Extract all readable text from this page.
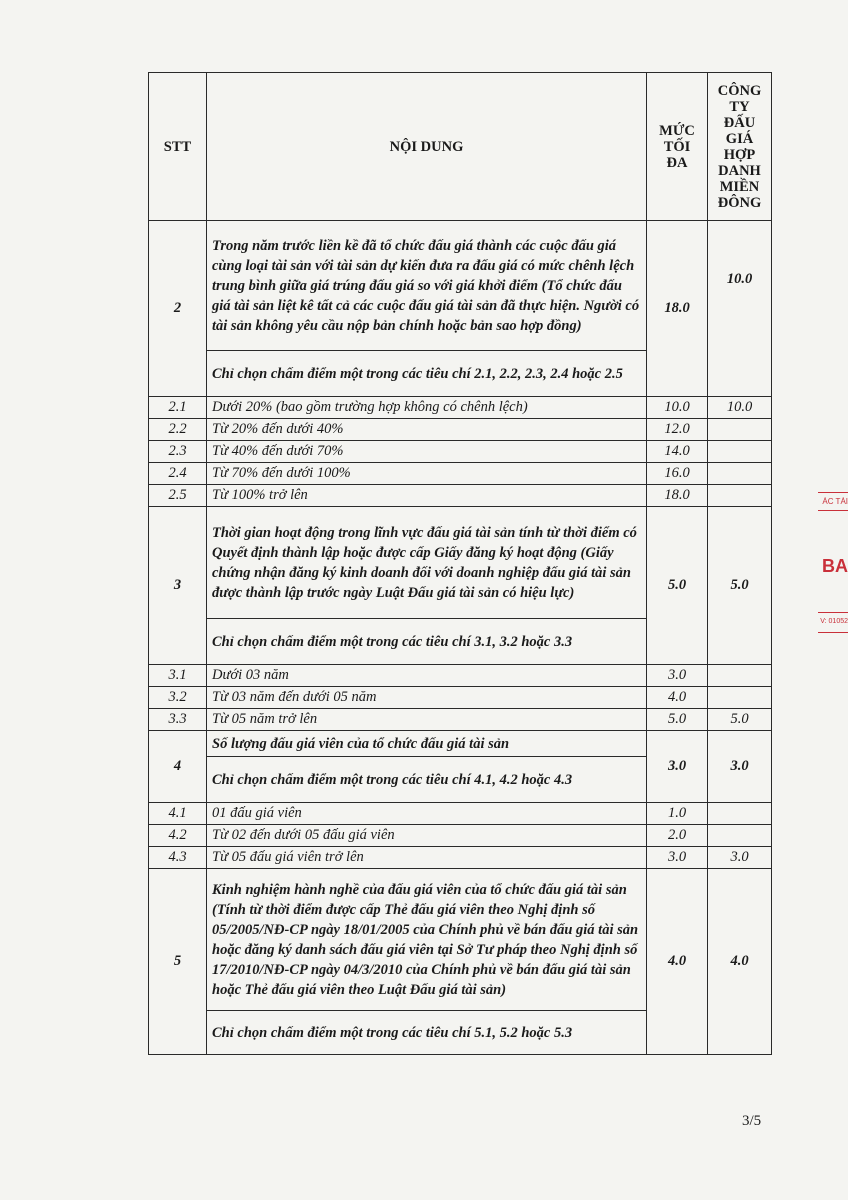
STT	NỘI DUNG	MỨC TỐI ĐA	CÔNG TY ĐẤU GIÁ HỢP DANH MIỀN ĐÔNG
2	Trong năm trước liền kề đã tổ chức đấu giá thành các cuộc đấu giá cùng loại tài sản với tài sản dự kiến đưa ra đấu giá có mức chênh lệch trung bình giữa giá trúng đấu giá so với giá khởi điểm (Tổ chức đấu giá tài sản liệt kê tất cả các cuộc đấu giá tài sản đã thực hiện. Người có tài sản không yêu cầu nộp bản chính hoặc bản sao hợp đồng)	18.0	10.0
	Chỉ chọn chấm điểm một trong các tiêu chí 2.1, 2.2, 2.3, 2.4 hoặc 2.5		
2.1	Dưới 20% (bao gồm trường hợp không có chênh lệch)	10.0	10.0
2.2	Từ 20% đến dưới 40%	12.0	
2.3	Từ 40% đến dưới 70%	14.0	
2.4	Từ 70% đến dưới 100%	16.0	
2.5	Từ 100% trở lên	18.0	
3	Thời gian hoạt động trong lĩnh vực đấu giá tài sản tính từ thời điểm có Quyết định thành lập hoặc được cấp Giấy đăng ký hoạt động (Giấy chứng nhận đăng ký kinh doanh đối với doanh nghiệp đấu giá tài sản được thành lập trước ngày Luật Đấu giá tài sản có hiệu lực)	5.0	5.0
	Chỉ chọn chấm điểm một trong các tiêu chí 3.1, 3.2 hoặc 3.3		
3.1	Dưới 03 năm	3.0	
3.2	Từ 03 năm đến dưới 05 năm	4.0	
3.3	Từ 05 năm trở lên	5.0	5.0
4	Số lượng đấu giá viên của tổ chức đấu giá tài sản	3.0	3.0
	Chỉ chọn chấm điểm một trong các tiêu chí 4.1, 4.2 hoặc 4.3		
4.1	01 đấu giá viên	1.0	
4.2	Từ 02 đến dưới 05 đấu giá viên	2.0	
4.3	Từ 05 đấu giá viên trở lên	3.0	3.0
5	Kinh nghiệm hành nghề của đấu giá viên của tổ chức đấu giá tài sản (Tính từ thời điểm được cấp Thẻ đấu giá viên theo Nghị định số 05/2005/NĐ-CP ngày 18/01/2005 của Chính phủ về bán đấu giá tài sản hoặc đăng ký danh sách đấu giá viên tại Sở Tư pháp theo Nghị định số 17/2010/NĐ-CP ngày 04/3/2010 của Chính phủ về bán đấu giá tài sản hoặc Thẻ đấu giá viên theo Luật Đấu giá tài sản)	4.0	4.0
	Chỉ chọn chấm điểm một trong các tiêu chí 5.1, 5.2 hoặc 5.3		
3/5
ÁC TÀI
BA
V: 01052
